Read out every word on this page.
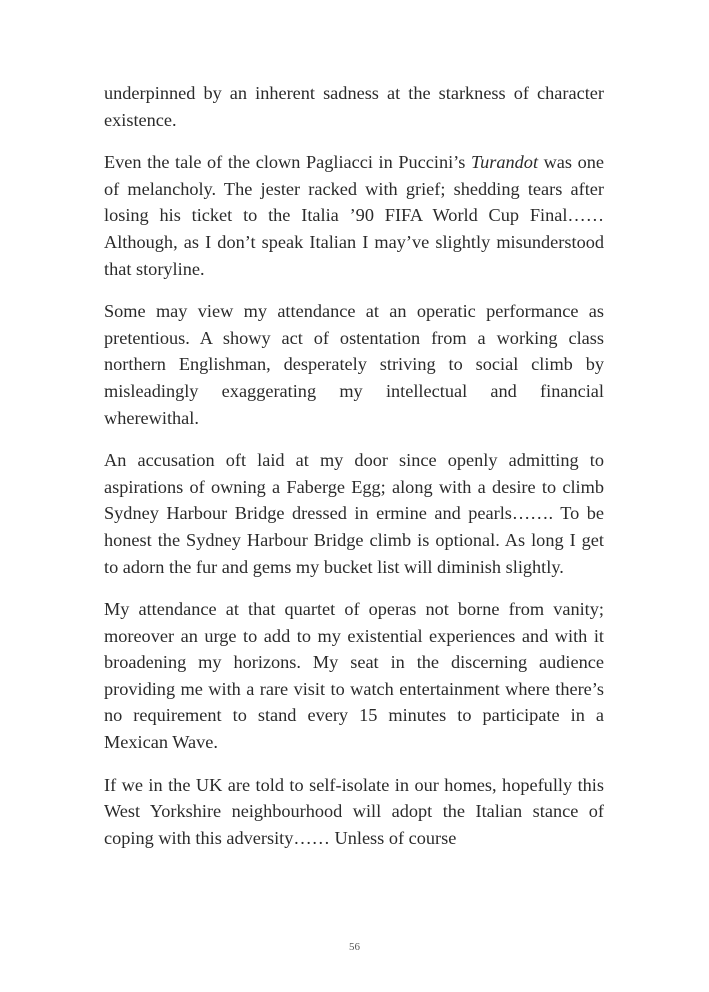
underpinned by an inherent sadness at the starkness of character existence.

Even the tale of the clown Pagliacci in Puccini’s Turandot was one of melancholy. The jester racked with grief; shedding tears after losing his ticket to the Italia ’90 FIFA World Cup Final…… Although, as I don’t speak Italian I may’ve slightly misunderstood that storyline.

Some may view my attendance at an operatic performance as pretentious. A showy act of ostentation from a working class northern Englishman, desperately striving to social climb by misleadingly exaggerating my intellectual and financial wherewithal.

An accusation oft laid at my door since openly admitting to aspirations of owning a Faberge Egg; along with a desire to climb Sydney Harbour Bridge dressed in ermine and pearls……. To be honest the Sydney Harbour Bridge climb is optional. As long I get to adorn the fur and gems my bucket list will diminish slightly.

My attendance at that quartet of operas not borne from vanity; moreover an urge to add to my existential experiences and with it broadening my horizons. My seat in the discerning audience providing me with a rare visit to watch entertainment where there’s no requirement to stand every 15 minutes to participate in a Mexican Wave.

If we in the UK are told to self-isolate in our homes, hopefully this West Yorkshire neighbourhood will adopt the Italian stance of coping with this adversity…… Unless of course

56
